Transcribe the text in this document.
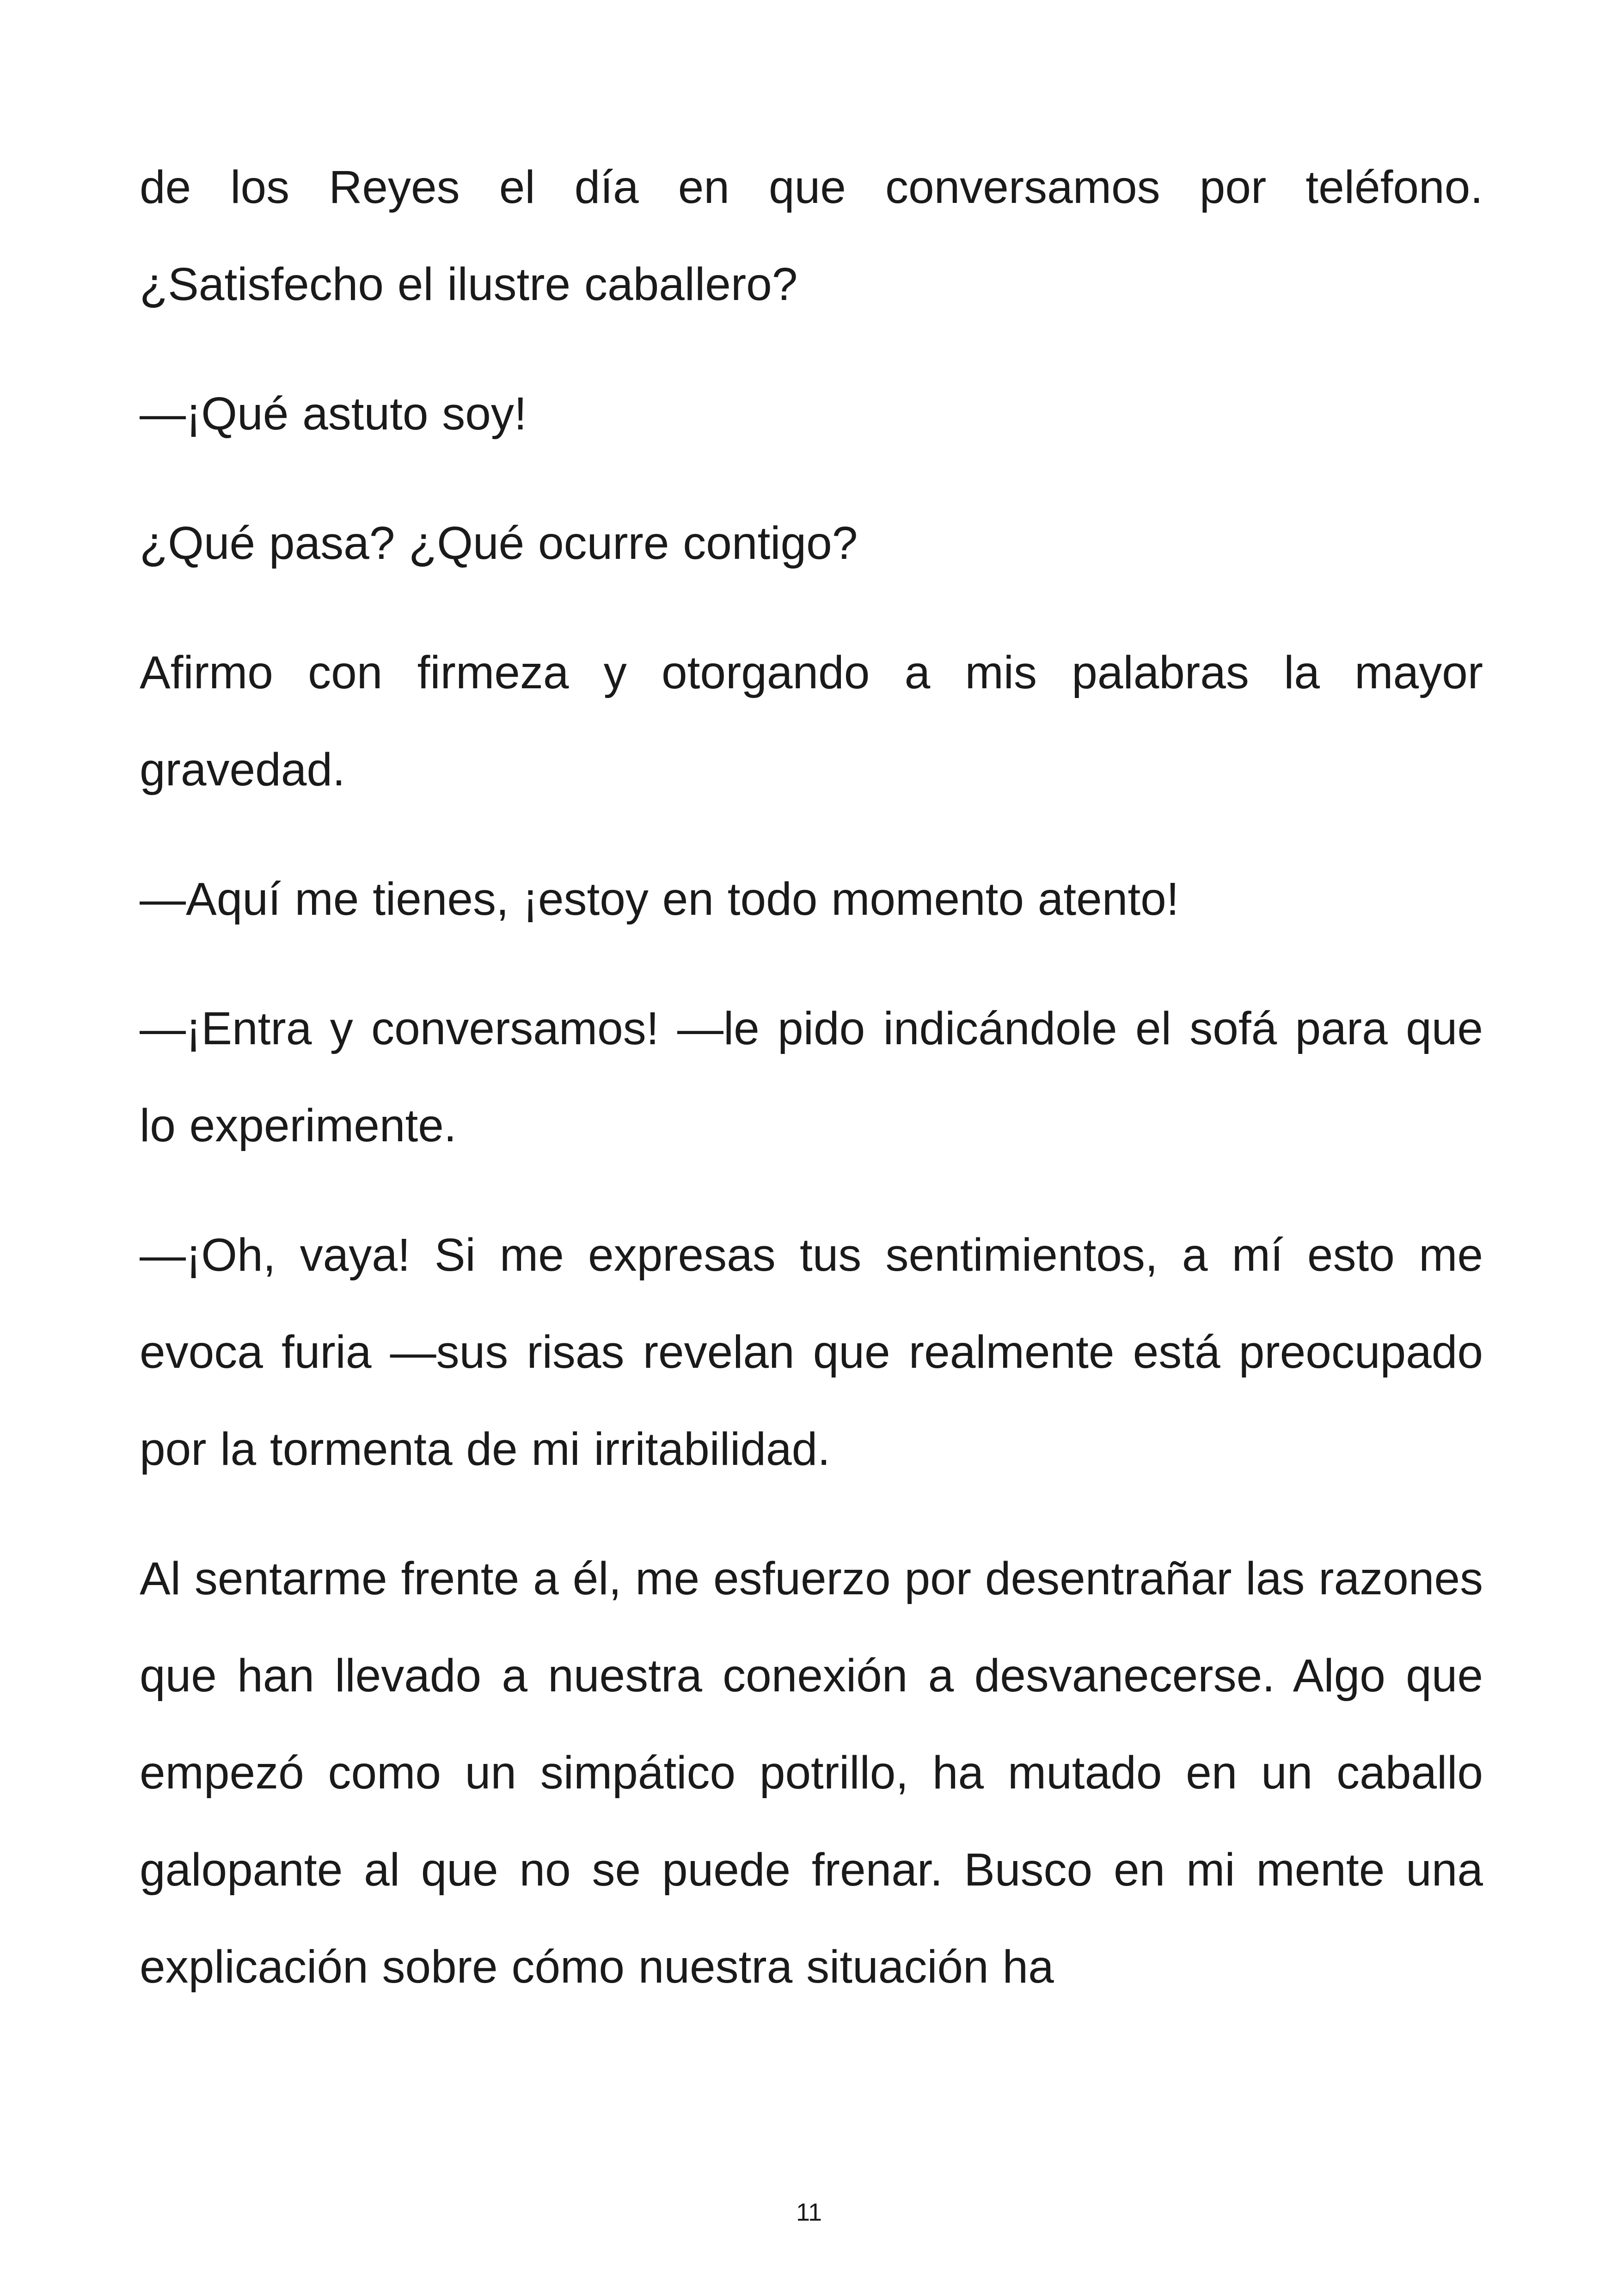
de los Reyes el día en que conversamos por teléfono. ¿Satisfecho el ilustre caballero?

—¡Qué astuto soy!

¿Qué pasa? ¿Qué ocurre contigo?

Afirmo con firmeza y otorgando a mis palabras la mayor gravedad.

—Aquí me tienes, ¡estoy en todo momento atento!

—¡Entra y conversamos! —le pido indicándole el sofá para que lo experimente.

—¡Oh, vaya! Si me expresas tus sentimientos, a mí esto me evoca furia —sus risas revelan que realmente está preocupado por la tormenta de mi irritabilidad.

Al sentarme frente a él, me esfuerzo por desentrañar las razones que han llevado a nuestra conexión a desvanecerse. Algo que empezó como un simpático potrillo, ha mutado en un caballo galopante al que no se puede frenar. Busco en mi mente una explicación sobre cómo nuestra situación ha

11
